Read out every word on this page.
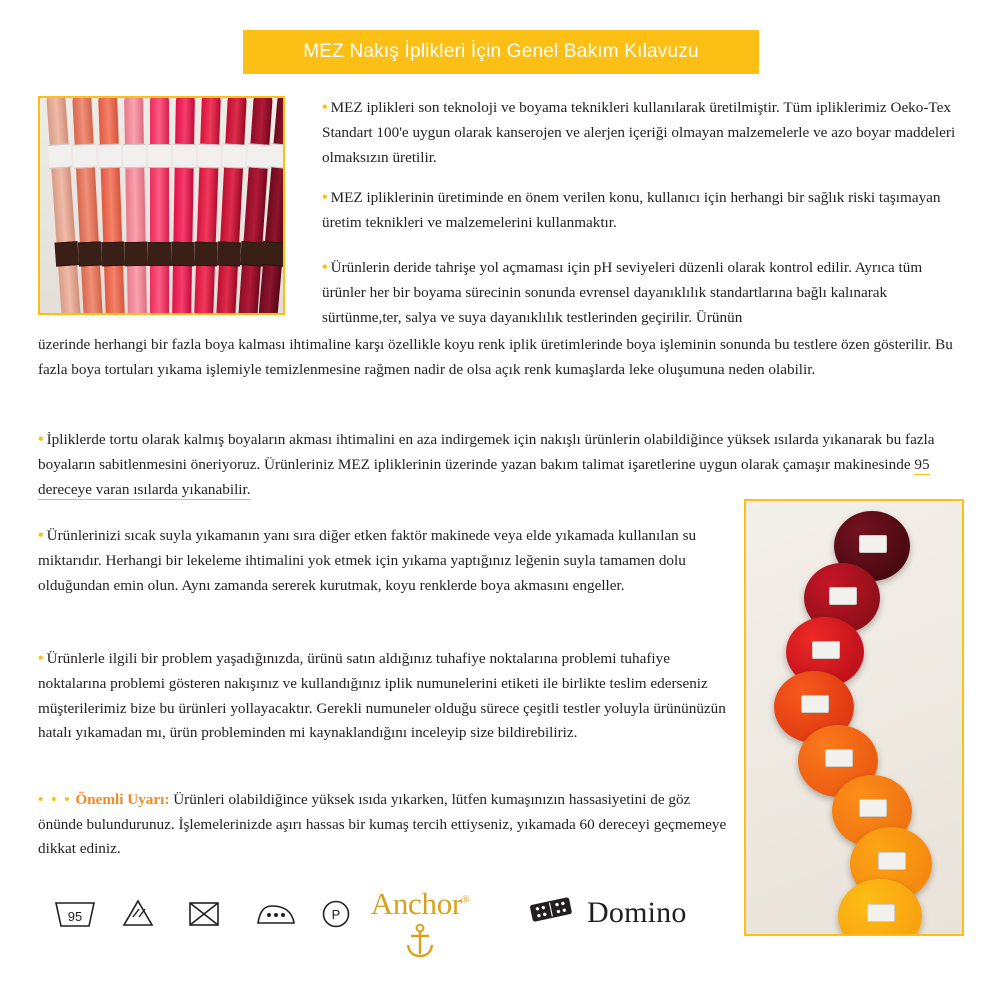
MEZ Nakış İplikleri İçin Genel Bakım Kılavuzu
• MEZ iplikleri son teknoloji ve boyama teknikleri kullanılarak üretilmiştir. Tüm ipliklerimiz Oeko-Tex Standart 100'e uygun olarak kanserojen ve alerjen içeriği olmayan malzemelerle ve azo boyar maddeleri olmaksızın üretilir.
• MEZ ipliklerinin üretiminde en önem verilen konu, kullanıcı için herhangi bir sağlık riski taşımayan üretim teknikleri ve malzemelerini kullanmaktır.
• Ürünlerin deride tahrişe yol açmaması için pH seviyeleri düzenli olarak kontrol edilir. Ayrıca tüm ürünler her bir boyama sürecinin sonunda evrensel dayanıklılık standartlarına bağlı kalınarak sürtünme,ter, salya ve suya dayanıklılık testlerinden geçirilir. Ürünün
üzerinde herhangi bir fazla boya kalması ihtimaline karşı özellikle koyu renk iplik üretimlerinde boya işleminin sonunda bu testlere özen gösterilir. Bu fazla boya tortuları yıkama işlemiyle temizlenmesine rağmen nadir de olsa açık renk kumaşlarda leke oluşumuna neden olabilir.
• İpliklerde tortu olarak kalmış boyaların akması ihtimalini en aza indirgemek için nakışlı ürünlerin olabildiğince yüksek ısılarda yıkanarak bu fazla boyaların sabitlenmesini öneriyoruz. Ürünleriniz MEZ ipliklerinin üzerinde yazan bakım talimat işaretlerine uygun olarak çamaşır makinesinde 95 dereceye varan ısılarda yıkanabilir.
• Ürünlerinizi sıcak suyla yıkamanın yanı sıra diğer etken faktör makinede veya elde yıkamada kullanılan su miktarıdır. Herhangi bir lekeleme ihtimalini yok etmek için yıkama yaptığınız leğenin suyla tamamen dolu olduğundan emin olun. Aynı zamanda sererek kurutmak, koyu renklerde boya akmasını engeller.
• Ürünlerle ilgili bir problem yaşadığınızda, ürünü satın aldığınız tuhafiye noktalarına problemi tuhafiye noktalarına problemi gösteren nakışınız ve kullandığınız iplik numunelerini etiketi ile birlikte teslim ederseniz müşterilerimiz bize bu ürünleri yollayacaktır. Gerekli numuneler olduğu sürece çeşitli testler yoluyla ürününüzün hatalı yıkamadan mı, ürün probleminden mi kaynaklandığını inceleyip size bildirebiliriz.
• • • Önemli Uyarı: Ürünleri olabildiğince yüksek ısıda yıkarken, lütfen kumaşınızın hassasiyetini de göz önünde bulundurunuz. İşlemelerinizde aşırı hassas bir kumaş tercih ettiyseniz, yıkamada 60 dereceyi geçmemeye dikkat ediniz.
95	P Anchor®	Domino
